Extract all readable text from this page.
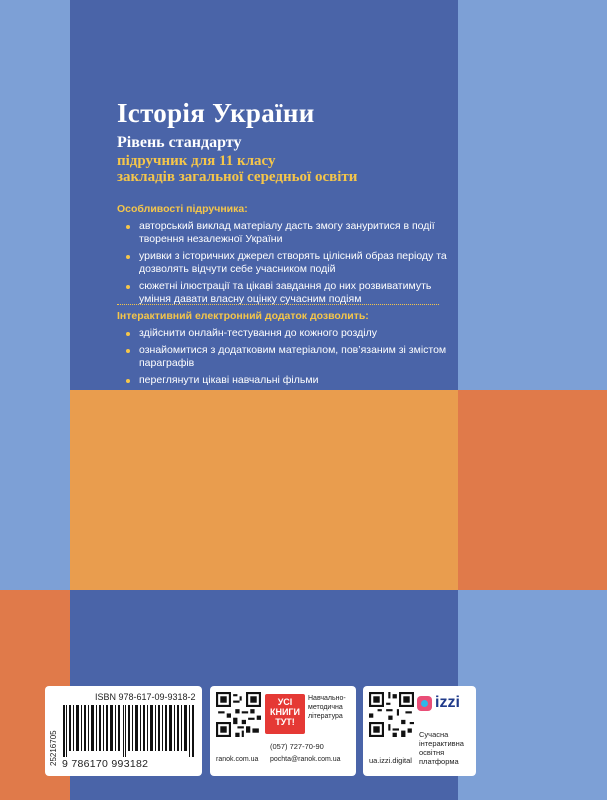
Історія України

Рівень стандарту

підручник для 11 класу
закладів загальної середньої освіти

Особливості підручника:

авторський виклад матеріалу дасть змогу зануритися в події творення незалежної України
уривки з історичних джерел створять цілісний образ періоду та дозволять відчути себе учасником подій
сюжетні ілюстрації та цікаві завдання до них розвиватимуть уміння давати власну оцінку сучасним подіям

Інтерактивний електронний додаток дозволить:

здійснити онлайн-тестування до кожного розділу
ознайомитися з додатковим матеріалом, пов’язаним зі змістом параграфів
переглянути цікаві навчальні фільми
25216705

ISBN 978-617-09-9318-2

9 786170 993182

УСІ КНИГИ ТУТ!

Навчально-методична література

(057) 727-70-90

ranok.com.ua pochta@ranok.com.ua

izzi

Сучасна інтерактивна освітня платформа

ua.izzi.digital
